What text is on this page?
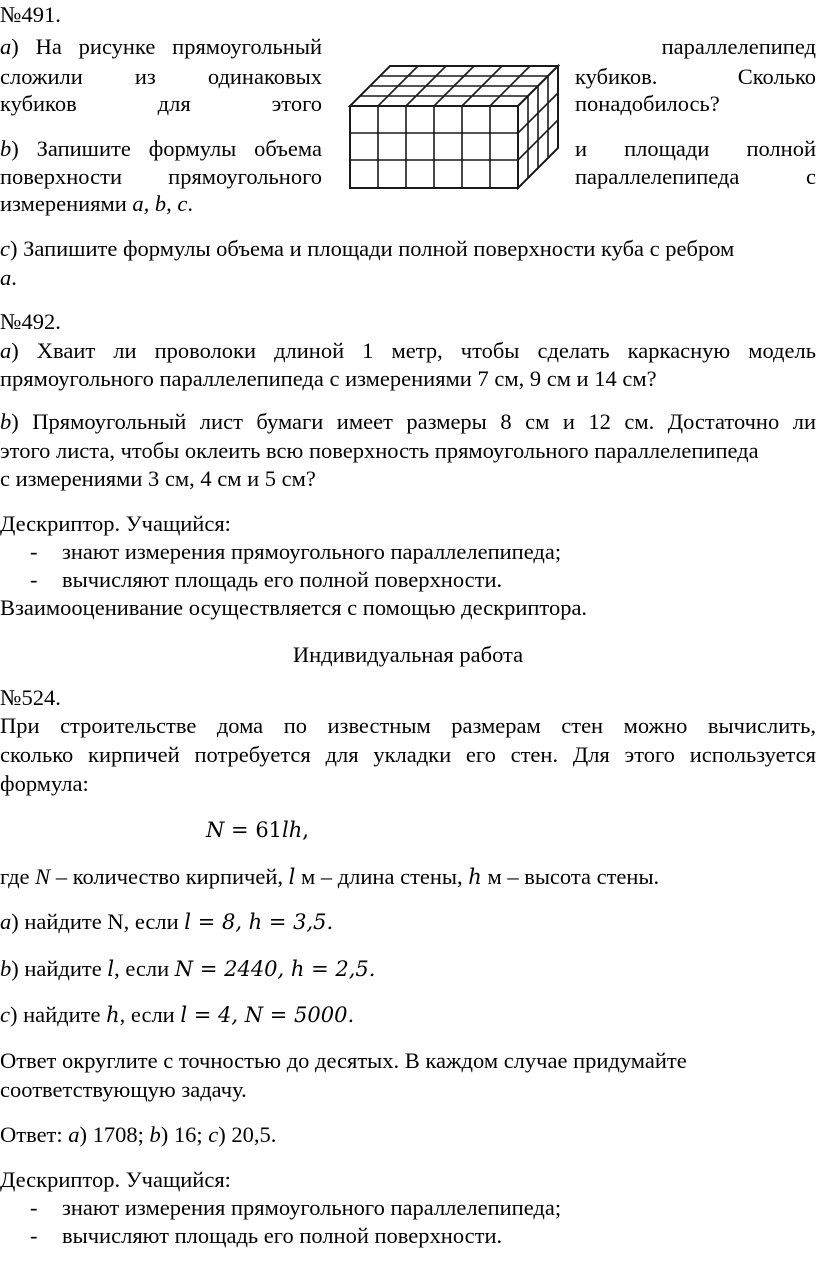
№491.
a) На рисунке прямоугольный	параллелепипед
сложили из одинаковых	кубиков. Сколько
кубиков для этого	понадобилось?
b) Запишите формулы объема	и площади полной
поверхности прямоугольного	параллелепипеда с
измерениями a, b, c.
c) Запишите формулы объема и площади полной поверхности куба с ребром
a.
№492.
a) Хваит ли проволоки длиной 1 метр, чтобы сделать каркасную модель
прямоугольного параллелепипеда с измерениями 7 см, 9 см и 14 см?
b) Прямоугольный лист бумаги имеет размеры 8 см и 12 см. Достаточно ли
этого листа, чтобы оклеить всю поверхность прямоугольного параллелепипеда
с измерениями 3 см, 4 см и 5 см?
Дескриптор. Учащийся:
- знают измерения прямоугольного параллелепипеда;
- вычисляют площадь его полной поверхности.
Взаимооценивание осуществляется с помощью дескриптора.
Индивидуальная работа
№524.
При строительстве дома по известным размерам стен можно вычислить,
сколько кирпичей потребуется для укладки его стен. Для этого используется
формула:
N = 61lh,
где N – количество кирпичей, l м – длина стены, h м – высота стены.
a) найдите N, если l = 8, h = 3,5.
b) найдите l, если N = 2440, h = 2,5.
c) найдите h, если l = 4, N = 5000.
Ответ округлите с точностью до десятых. В каждом случае придумайте
соответствующую задачу.
Ответ: a) 1708; b) 16; c) 20,5.
Дескриптор. Учащийся:
- знают измерения прямоугольного параллелепипеда;
- вычисляют площадь его полной поверхности.
